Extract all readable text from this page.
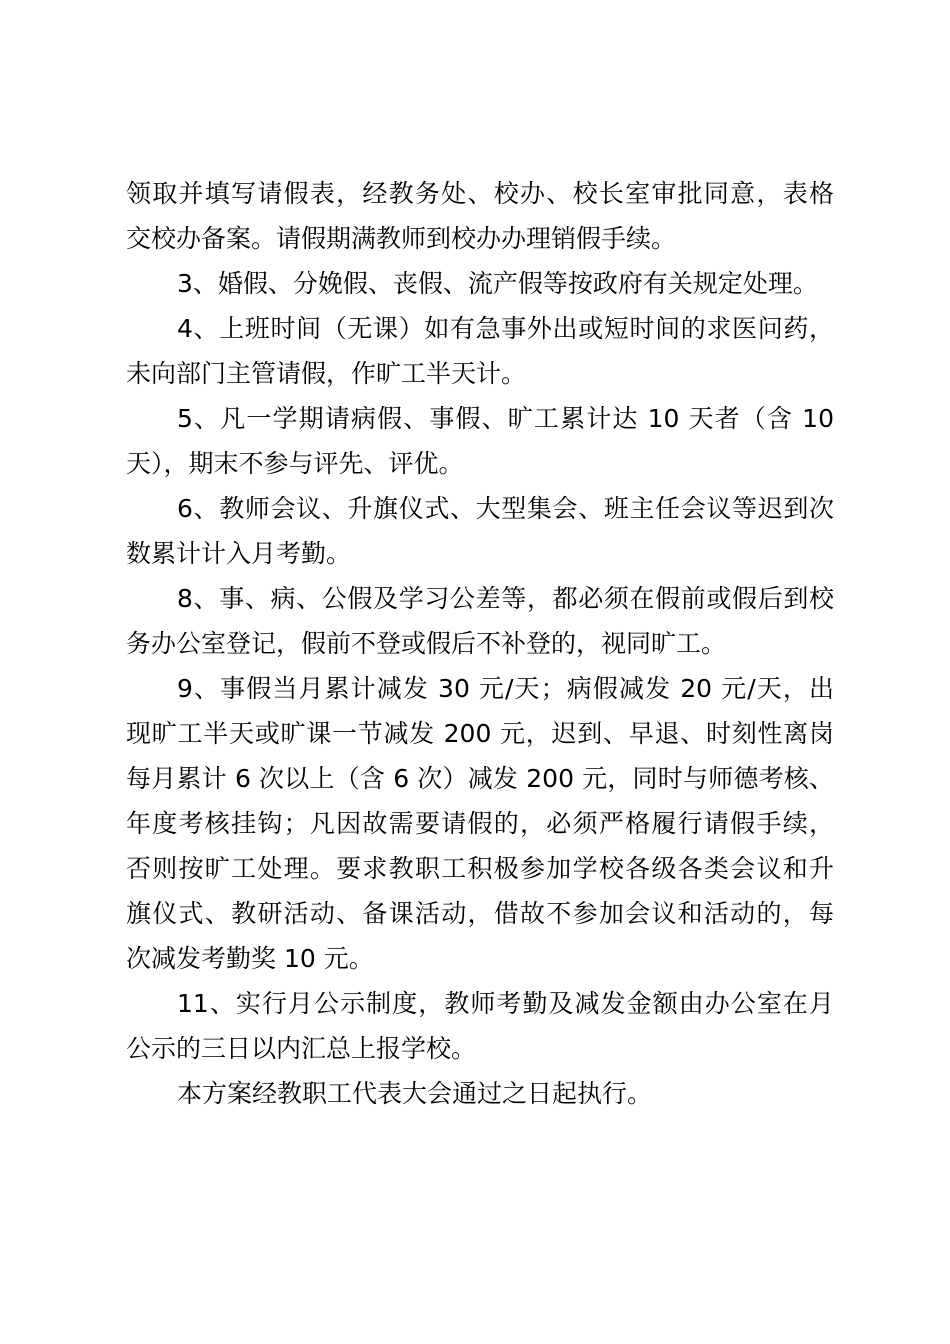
领取并填写请假表，经教务处、校办、校长室审批同意，表格
交校办备案。请假期满教师到校办办理销假手续。
3、婚假、分娩假、丧假、流产假等按政府有关规定处理。
4、上班时间（无课）如有急事外出或短时间的求医问药，
未向部门主管请假，作旷工半天计。
5、凡一学期请病假、事假、旷工累计达 10 天者（含 10
天），期末不参与评先、评优。
6、教师会议、升旗仪式、大型集会、班主任会议等迟到次
数累计计入月考勤。
8、事、病、公假及学习公差等，都必须在假前或假后到校
务办公室登记，假前不登或假后不补登的，视同旷工。
9、事假当月累计减发 30 元/天；病假减发 20 元/天，出
现旷工半天或旷课一节减发 200 元，迟到、早退、时刻性离岗
每月累计 6 次以上（含 6 次）减发 200 元，同时与师德考核、
年度考核挂钩；凡因故需要请假的，必须严格履行请假手续，
否则按旷工处理。要求教职工积极参加学校各级各类会议和升
旗仪式、教研活动、备课活动，借故不参加会议和活动的，每
次减发考勤奖 10 元。
11、实行月公示制度，教师考勤及减发金额由办公室在月
公示的三日以内汇总上报学校。
本方案经教职工代表大会通过之日起执行。
